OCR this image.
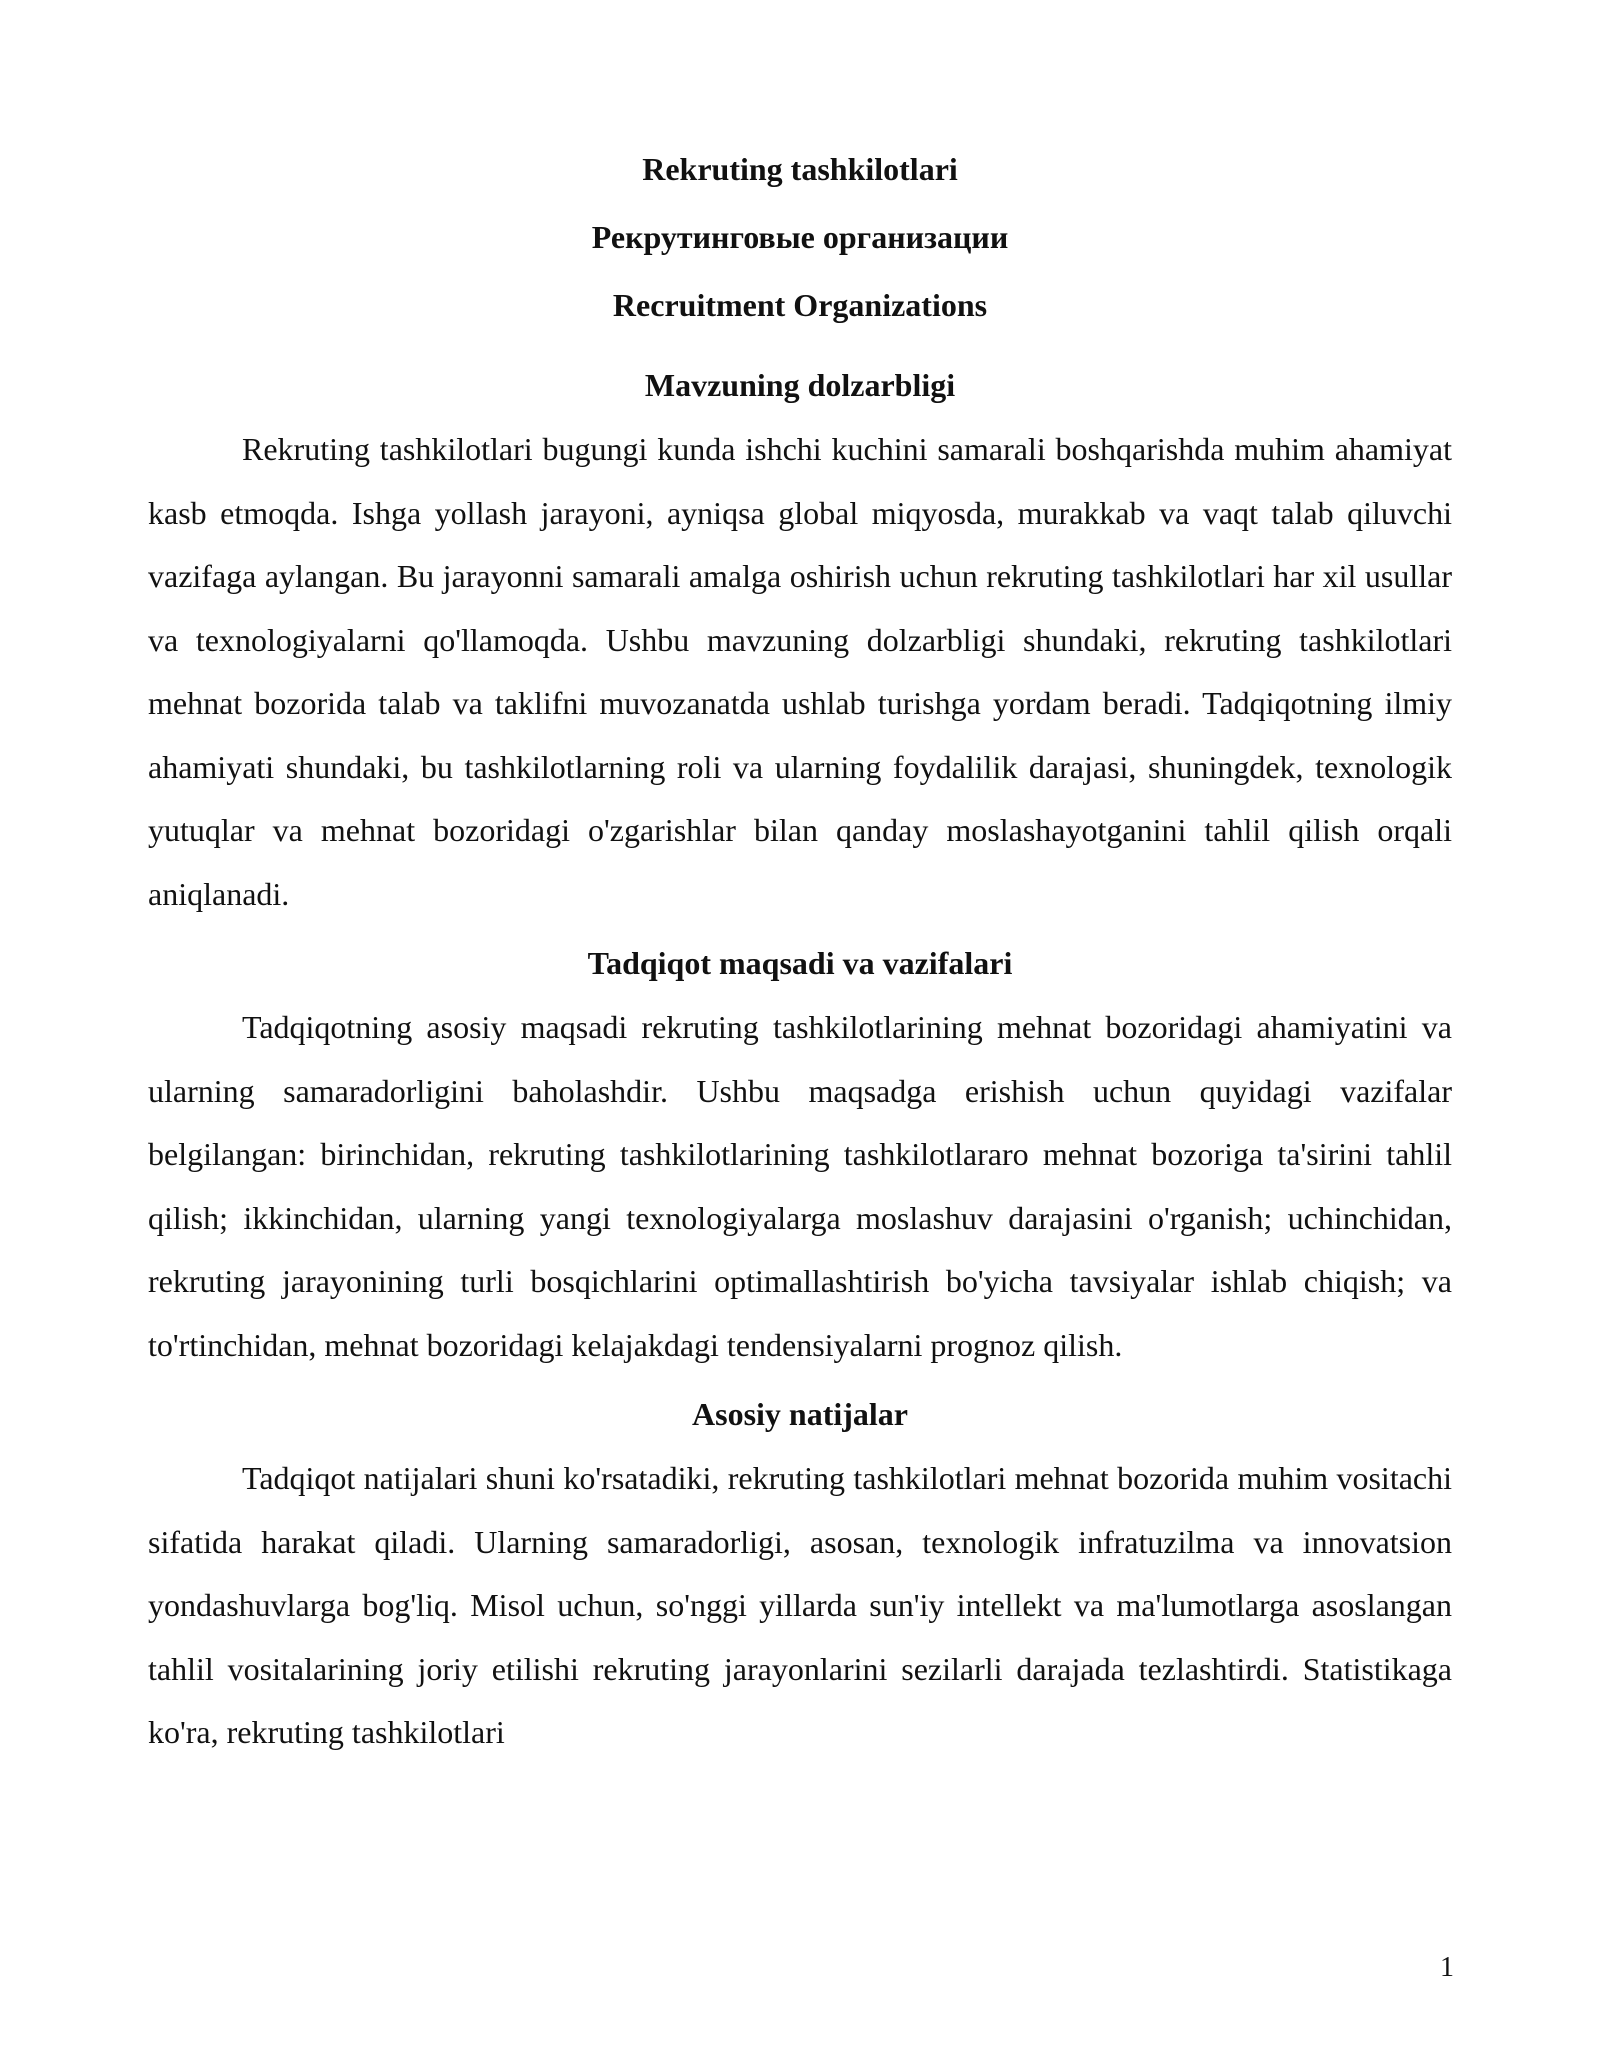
Rekruting tashkilotlari
Рекрутинговые организации
Recruitment Organizations
Mavzuning dolzarbligi

Rekruting tashkilotlari bugungi kunda ishchi kuchini samarali boshqarishda muhim ahamiyat kasb etmoqda. Ishga yollash jarayoni, ayniqsa global miqyosda, murakkab va vaqt talab qiluvchi vazifaga aylangan. Bu jarayonni samarali amalga oshirish uchun rekruting tashkilotlari har xil usullar va texnologiyalarni qo'llamoqda. Ushbu mavzuning dolzarbligi shundaki, rekruting tashkilotlari mehnat bozorida talab va taklifni muvozanatda ushlab turishga yordam beradi. Tadqiqotning ilmiy ahamiyati shundaki, bu tashkilotlarning roli va ularning foydalilik darajasi, shuningdek, texnologik yutuqlar va mehnat bozoridagi o'zgarishlar bilan qanday moslashayotganini tahlil qilish orqali aniqlanadi.

Tadqiqot maqsadi va vazifalari

Tadqiqotning asosiy maqsadi rekruting tashkilotlarining mehnat bozoridagi ahamiyatini va ularning samaradorligini baholashdir. Ushbu maqsadga erishish uchun quyidagi vazifalar belgilangan: birinchidan, rekruting tashkilotlarining tashkilotlararo mehnat bozoriga ta'sirini tahlil qilish; ikkinchidan, ularning yangi texnologiyalarga moslashuv darajasini o'rganish; uchinchidan, rekruting jarayonining turli bosqichlarini optimallashtirish bo'yicha tavsiyalar ishlab chiqish; va to'rtinchidan, mehnat bozoridagi kelajakdagi tendensiyalarni prognoz qilish.

Asosiy natijalar

Tadqiqot natijalari shuni ko'rsatadiki, rekruting tashkilotlari mehnat bozorida muhim vositachi sifatida harakat qiladi. Ularning samaradorligi, asosan, texnologik infratuzilma va innovatsion yondashuvlarga bog'liq. Misol uchun, so'nggi yillarda sun'iy intellekt va ma'lumotlarga asoslangan tahlil vositalarining joriy etilishi rekruting jarayonlarini sezilarli darajada tezlashtirdi. Statistikaga ko'ra, rekruting tashkilotlari

1
